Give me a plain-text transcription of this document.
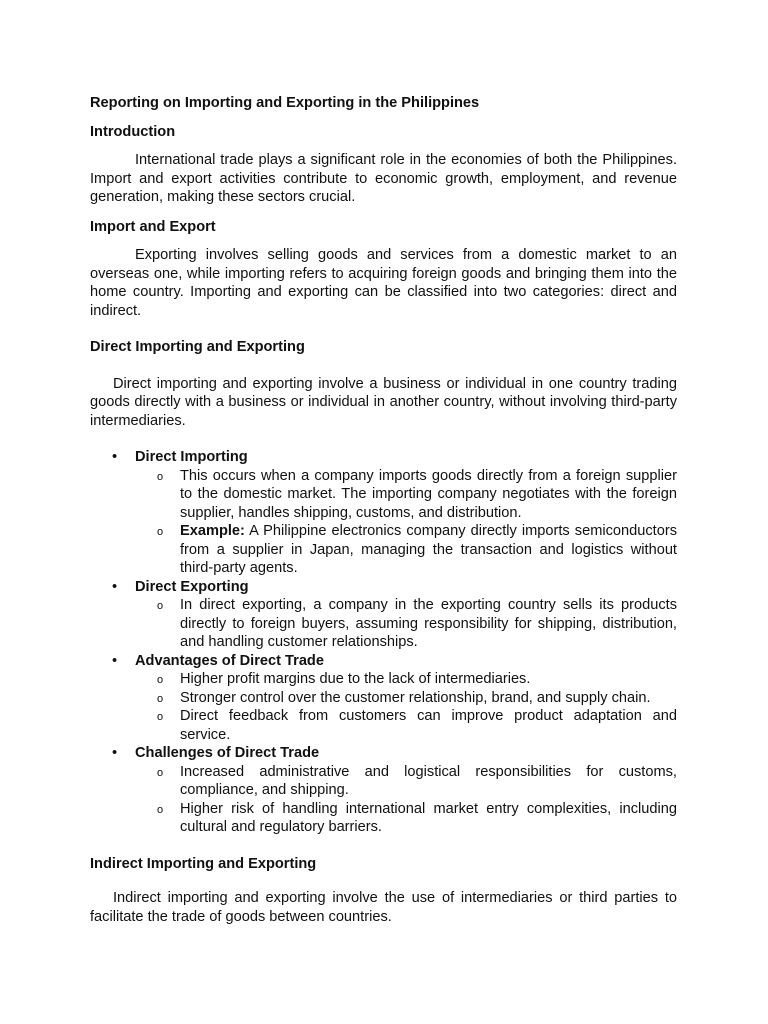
Reporting on Importing and Exporting in the Philippines

Introduction

International trade plays a significant role in the economies of both the Philippines. Import and export activities contribute to economic growth, employment, and revenue generation, making these sectors crucial.

Import and Export

Exporting involves selling goods and services from a domestic market to an overseas one, while importing refers to acquiring foreign goods and bringing them into the home country. Importing and exporting can be classified into two categories: direct and indirect.

Direct Importing and Exporting

Direct importing and exporting involve a business or individual in one country trading goods directly with a business or individual in another country, without involving third-party intermediaries.

• Direct Importing
o This occurs when a company imports goods directly from a foreign supplier to the domestic market. The importing company negotiates with the foreign supplier, handles shipping, customs, and distribution.
o Example: A Philippine electronics company directly imports semiconductors from a supplier in Japan, managing the transaction and logistics without third-party agents.
• Direct Exporting
o In direct exporting, a company in the exporting country sells its products directly to foreign buyers, assuming responsibility for shipping, distribution, and handling customer relationships.
• Advantages of Direct Trade
o Higher profit margins due to the lack of intermediaries.
o Stronger control over the customer relationship, brand, and supply chain.
o Direct feedback from customers can improve product adaptation and service.
• Challenges of Direct Trade
o Increased administrative and logistical responsibilities for customs, compliance, and shipping.
o Higher risk of handling international market entry complexities, including cultural and regulatory barriers.

Indirect Importing and Exporting

Indirect importing and exporting involve the use of intermediaries or third parties to facilitate the trade of goods between countries.
